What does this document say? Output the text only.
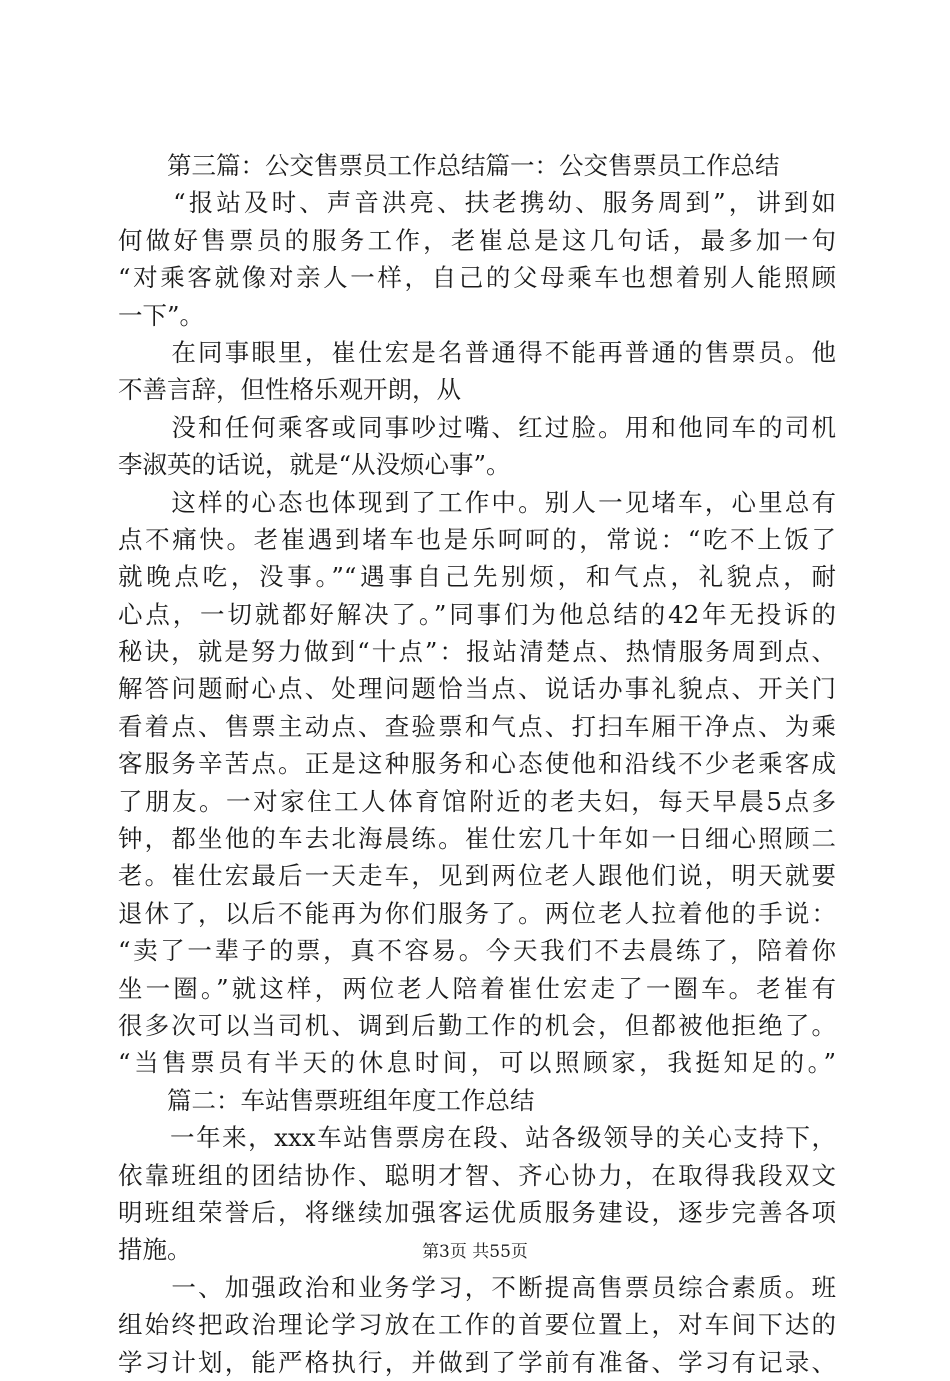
　　第三篇：公交售票员工作总结篇一：公交售票员工作总结
　　“报站及时、声音洪亮、扶老携幼、服务周到”，讲到如
何做好售票员的服务工作，老崔总是这几句话，最多加一句
“对乘客就像对亲人一样，自己的父母乘车也想着别人能照顾
一下”。
　　在同事眼里，崔仕宏是名普通得不能再普通的售票员。他
不善言辞，但性格乐观开朗，从
　　没和任何乘客或同事吵过嘴、红过脸。用和他同车的司机
李淑英的话说，就是“从没烦心事”。
　　这样的心态也体现到了工作中。别人一见堵车，心里总有
点不痛快。老崔遇到堵车也是乐呵呵的，常说：“吃不上饭了
就晚点吃，没事。”“遇事自己先别烦，和气点，礼貌点，耐
心点，一切就都好解决了。”同事们为他总结的42年无投诉的
秘诀，就是努力做到“十点”：报站清楚点、热情服务周到点、
解答问题耐心点、处理问题恰当点、说话办事礼貌点、开关门
看着点、售票主动点、查验票和气点、打扫车厢干净点、为乘
客服务辛苦点。正是这种服务和心态使他和沿线不少老乘客成
了朋友。一对家住工人体育馆附近的老夫妇，每天早晨5点多
钟，都坐他的车去北海晨练。崔仕宏几十年如一日细心照顾二
老。崔仕宏最后一天走车，见到两位老人跟他们说，明天就要
退休了，以后不能再为你们服务了。两位老人拉着他的手说：
“卖了一辈子的票，真不容易。今天我们不去晨练了，陪着你
坐一圈。”就这样，两位老人陪着崔仕宏走了一圈车。老崔有
很多次可以当司机、调到后勤工作的机会，但都被他拒绝了。
“当售票员有半天的休息时间，可以照顾家，我挺知足的。”
　　篇二：车站售票班组年度工作总结
　　一年来，xxx车站售票房在段、站各级领导的关心支持下，
依靠班组的团结协作、聪明才智、齐心协力，在取得我段双文
明班组荣誉后，将继续加强客运优质服务建设，逐步完善各项
措施。
　　一、加强政治和业务学习，不断提高售票员综合素质。班
组始终把政治理论学习放在工作的首要位置上，对车间下达的
学习计划，能严格执行，并做到了学前有准备、学习有记录、
第3页 共55页
